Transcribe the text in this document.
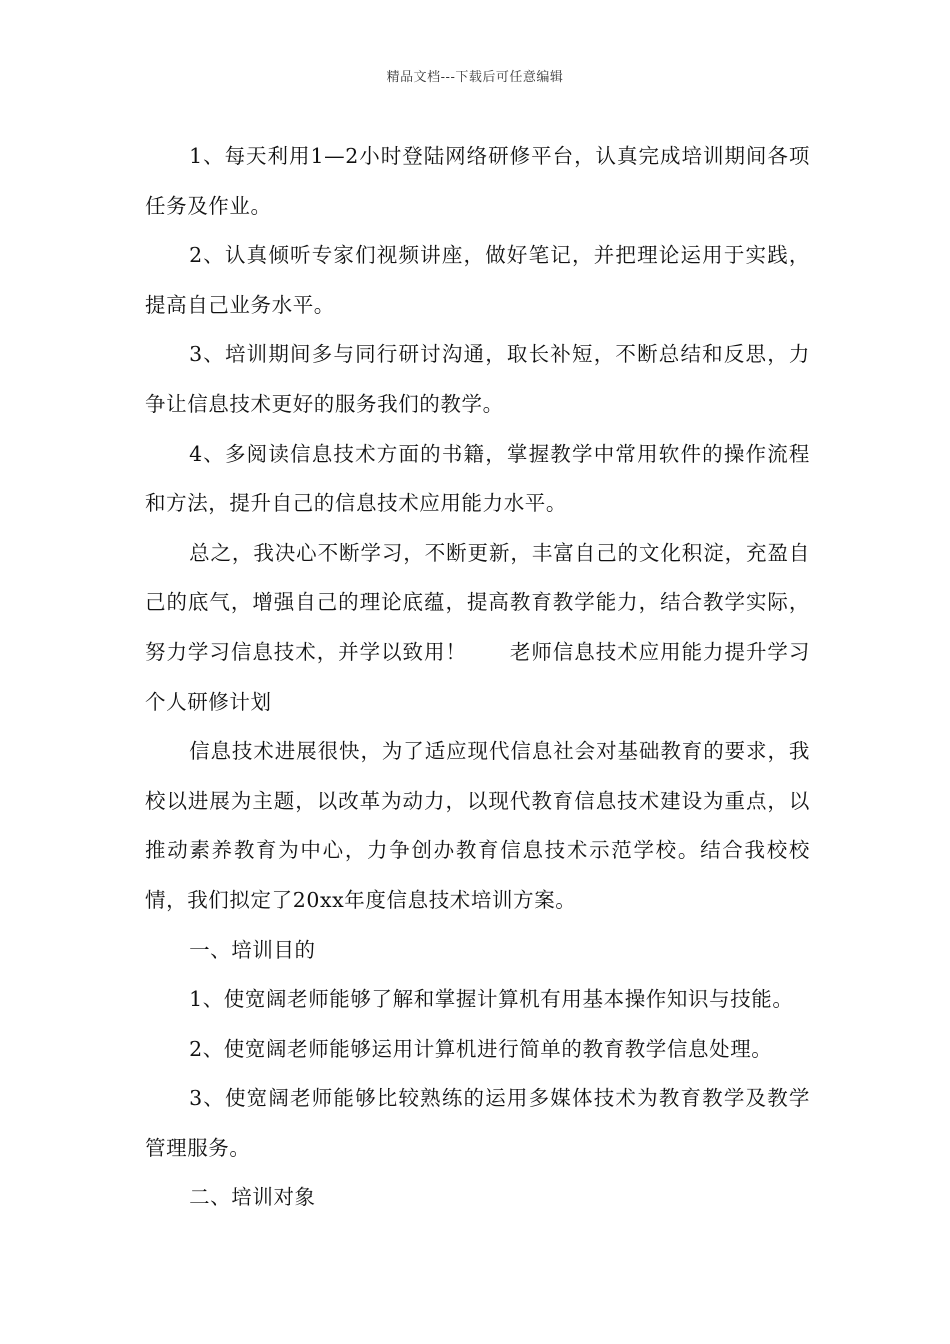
精品文档---下载后可任意编辑

1、每天利用1—2小时登陆网络研修平台，认真完成培训期间各项任务及作业。

2、认真倾听专家们视频讲座，做好笔记，并把理论运用于实践，提高自己业务水平。

3、培训期间多与同行研讨沟通，取长补短，不断总结和反思，力争让信息技术更好的服务我们的教学。

4、多阅读信息技术方面的书籍，掌握教学中常用软件的操作流程和方法，提升自己的信息技术应用能力水平。

总之，我决心不断学习，不断更新，丰富自己的文化积淀，充盈自己的底气，增强自己的理论底蕴，提高教育教学能力，结合教学实际，努力学习信息技术，并学以致用！　　老师信息技术应用能力提升学习个人研修计划

信息技术进展很快，为了适应现代信息社会对基础教育的要求，我校以进展为主题，以改革为动力，以现代教育信息技术建设为重点，以推动素养教育为中心，力争创办教育信息技术示范学校。结合我校校情，我们拟定了20xx年度信息技术培训方案。

一、培训目的

1、使宽阔老师能够了解和掌握计算机有用基本操作知识与技能。

2、使宽阔老师能够运用计算机进行简单的教育教学信息处理。

3、使宽阔老师能够比较熟练的运用多媒体技术为教育教学及教学管理服务。

二、培训对象
